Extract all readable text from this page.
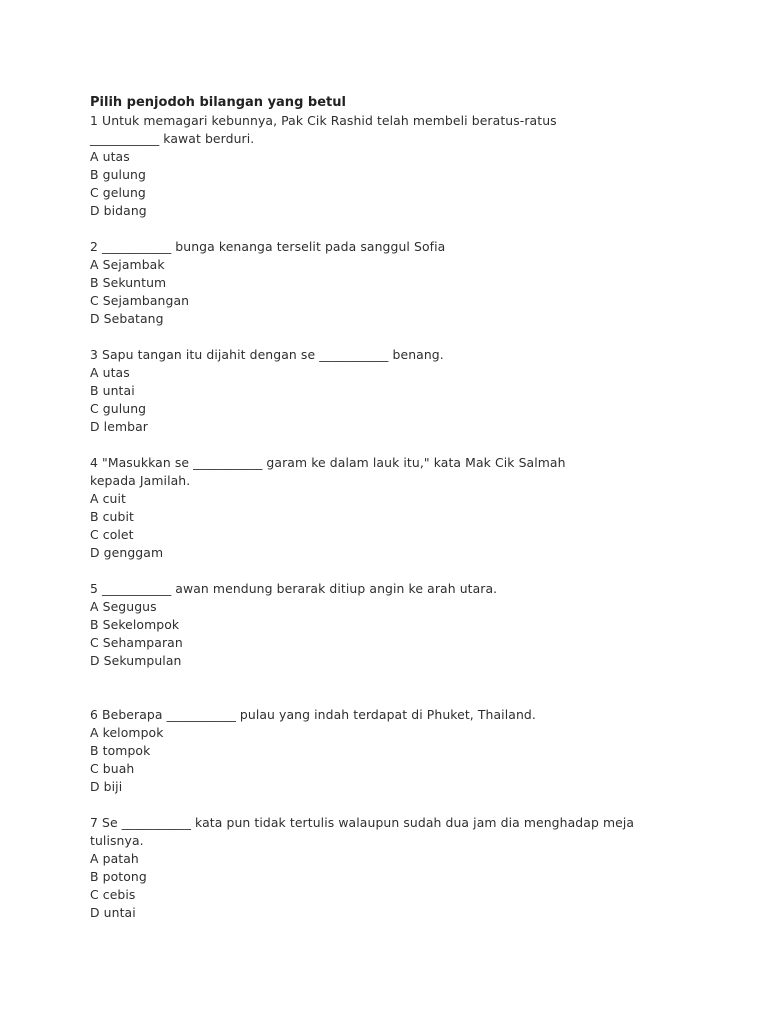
Pilih penjodoh bilangan yang betul
1 Untuk memagari kebunnya, Pak Cik Rashid telah membeli beratus-ratus
___________ kawat berduri.
A utas
B gulung
C gelung
D bidang
2 ___________ bunga kenanga terselit pada sanggul Sofia
A Sejambak
B Sekuntum
C Sejambangan
D Sebatang
3 Sapu tangan itu dijahit dengan se ___________ benang.
A utas
B untai
C gulung
D lembar
4 "Masukkan se ___________ garam ke dalam lauk itu," kata Mak Cik Salmah
kepada Jamilah.
A cuit
B cubit
C colet
D genggam
5 ___________ awan mendung berarak ditiup angin ke arah utara.
A Segugus
B Sekelompok
C Sehamparan
D Sekumpulan
6 Beberapa ___________ pulau yang indah terdapat di Phuket, Thailand.
A kelompok
B tompok
C buah
D biji
7 Se ___________ kata pun tidak tertulis walaupun sudah dua jam dia menghadap meja
tulisnya.
A patah
B potong
C cebis
D untai
